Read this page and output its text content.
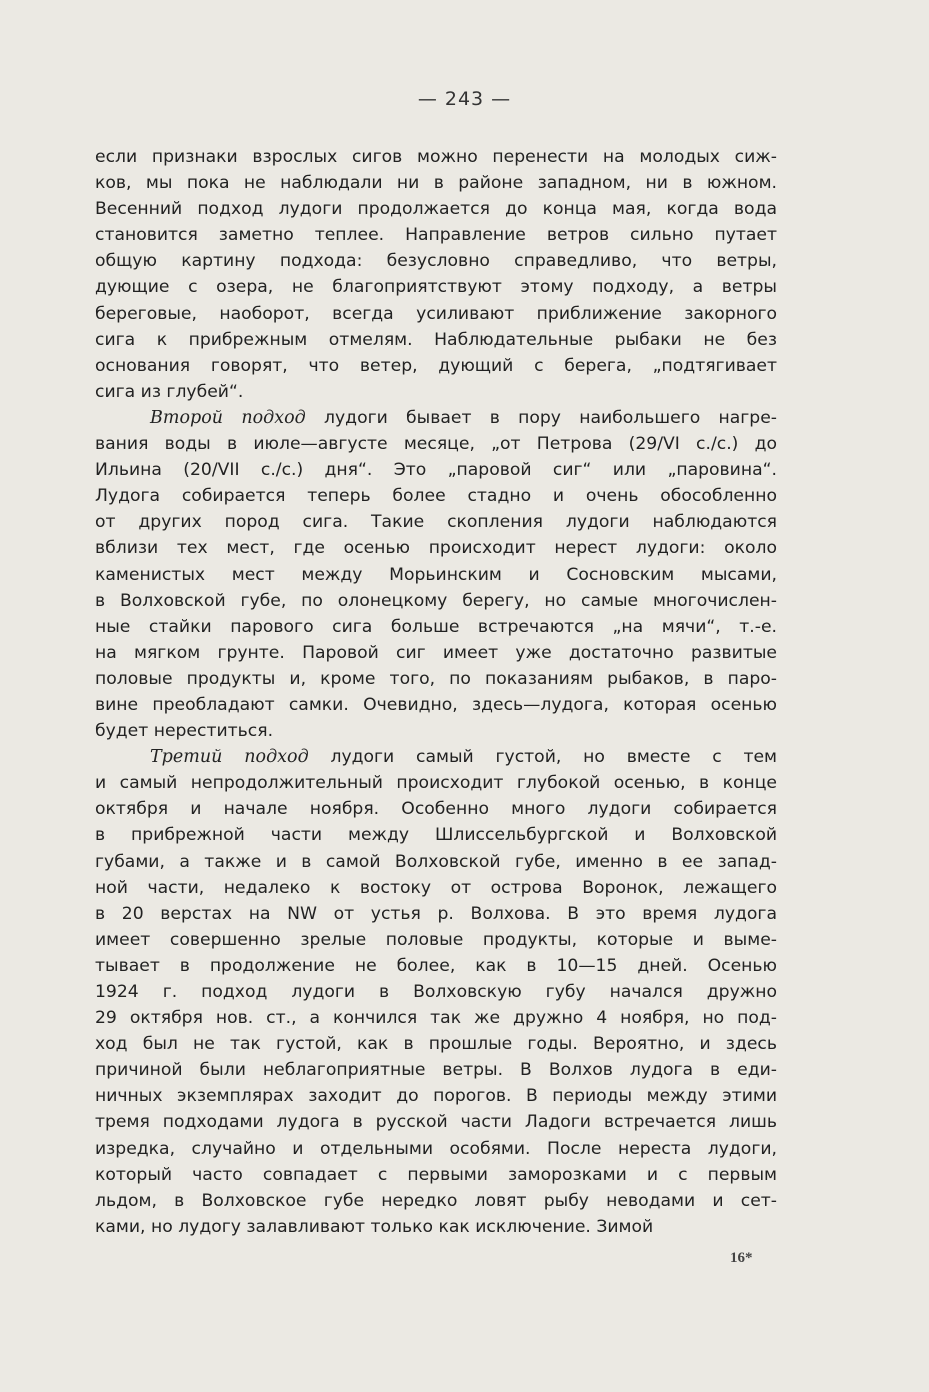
— 243 —
если признаки взрослых сигов можно перенести на молодых сиж-
ков, мы пока не наблюдали ни в районе западном, ни в южном.
Весенний подход лудоги продолжается до конца мая, когда вода
становится заметно теплее. Направление ветров сильно путает
общую картину подхода: безусловно справедливо, что ветры,
дующие с озера, не благоприятствуют этому подходу, а ветры
береговые, наоборот, всегда усиливают приближение закорного
сига к прибрежным отмелям. Наблюдательные рыбаки не без
основания говорят, что ветер, дующий с берега, „подтягивает
сига из глубей“.
Второй подход лудоги бывает в пору наибольшего нагре-
вания воды в июле—августе месяце, „от Петрова (29/VI с./с.) до
Ильина (20/VII с./с.) дня“. Это „паровой сиг“ или „паровина“.
Лудога собирается теперь более стадно и очень обособленно
от других пород сига. Такие скопления лудоги наблюдаются
вблизи тех мест, где осенью происходит нерест лудоги: около
каменистых мест между Морьинским и Сосновским мысами,
в Волховской губе, по олонецкому берегу, но самые многочислен-
ные стайки парового сига больше встречаются „на мячи“, т.-е.
на мягком грунте. Паровой сиг имеет уже достаточно развитые
половые продукты и, кроме того, по показаниям рыбаков, в паро-
вине преобладают самки. Очевидно, здесь—лудога, которая осенью
будет нереститься.
Третий подход лудоги самый густой, но вместе с тем
и самый непродолжительный происходит глубокой осенью, в конце
октября и начале ноября. Особенно много лудоги собирается
в прибрежной части между Шлиссельбургской и Волховской
губами, а также и в самой Волховской губе, именно в ее запад-
ной части, недалеко к востоку от острова Воронок, лежащего
в 20 верстах на NW от устья р. Волхова. В это время лудога
имеет совершенно зрелые половые продукты, которые и выме-
тывает в продолжение не более, как в 10—15 дней. Осенью
1924 г. подход лудоги в Волховскую губу начался дружно
29 октября нов. ст., а кончился так же дружно 4 ноября, но под-
ход был не так густой, как в прошлые годы. Вероятно, и здесь
причиной были неблагоприятные ветры. В Волхов лудога в еди-
ничных экземплярах заходит до порогов. В периоды между этими
тремя подходами лудога в русской части Ладоги встречается лишь
изредка, случайно и отдельными особями. После нереста лудоги,
который часто совпадает с первыми заморозками и с первым
льдом, в Волховское губе нередко ловят рыбу неводами и сет-
ками, но лудогу залавливают только как исключение. Зимой
16*
